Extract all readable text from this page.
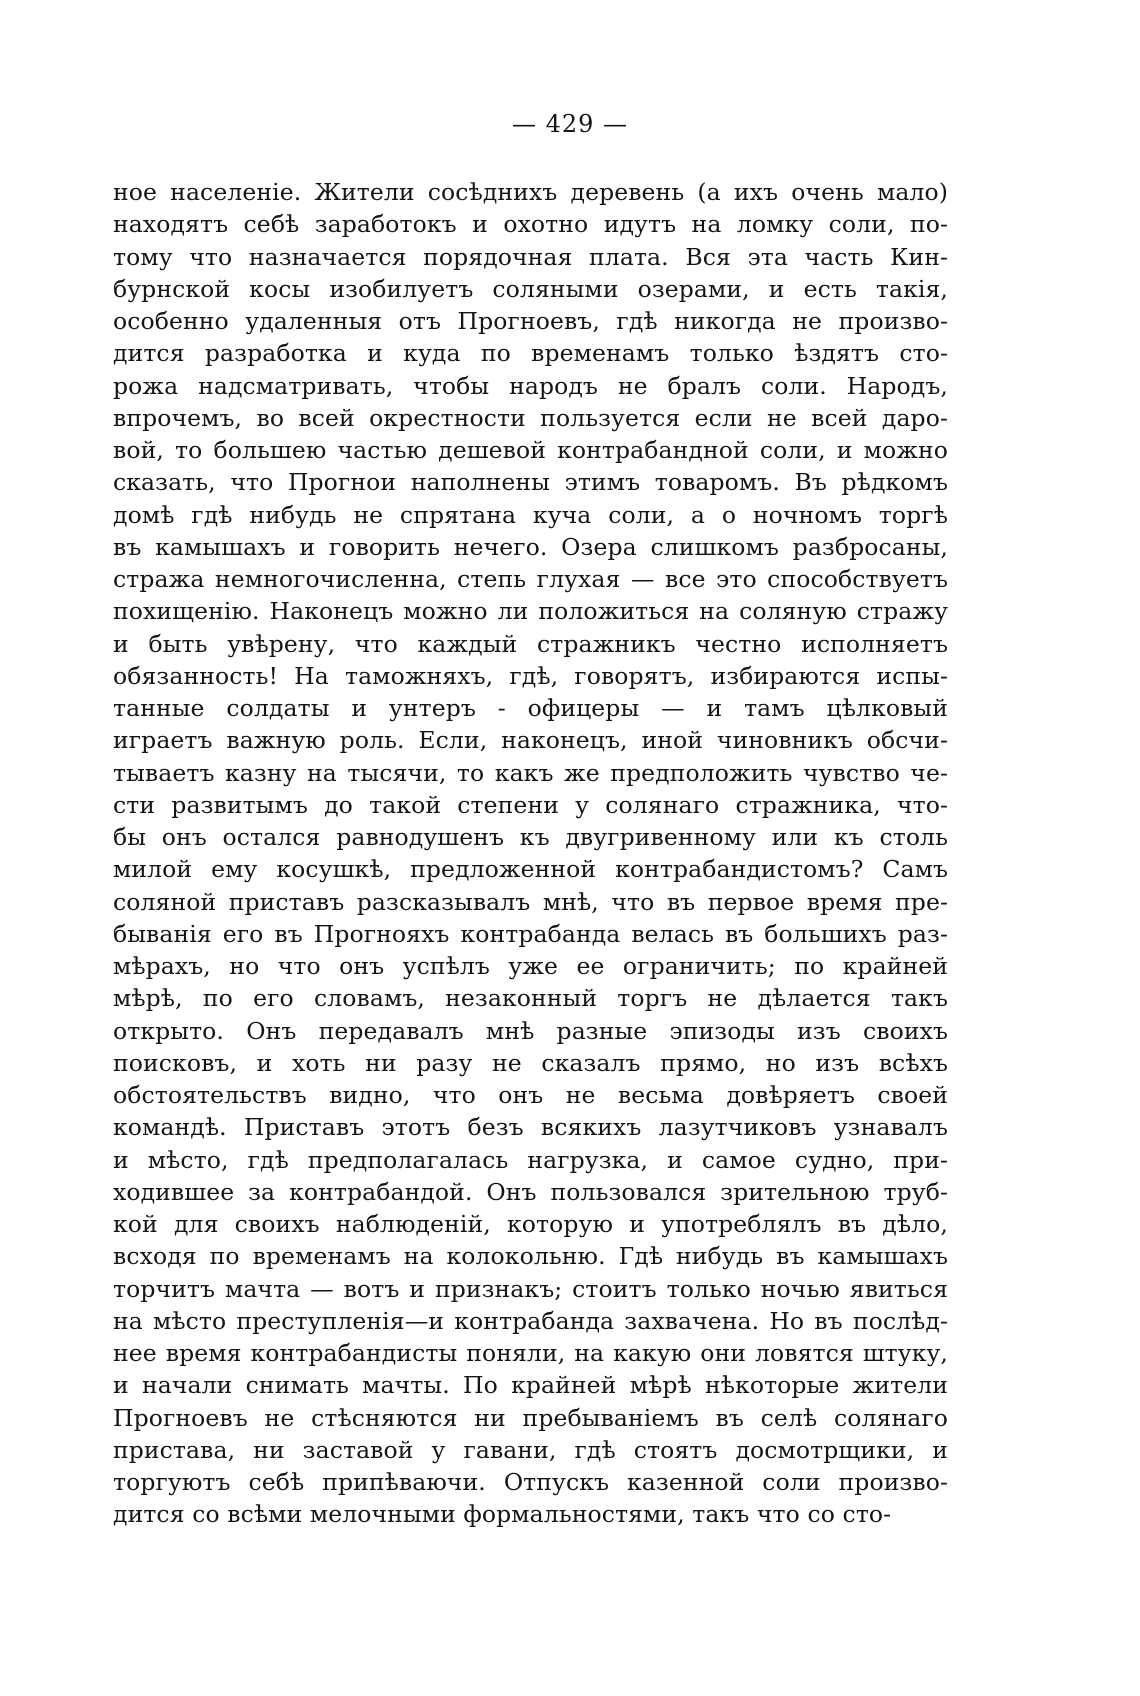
— 429 —
ное населеніе. Жители сосѣднихъ деревень (а ихъ очень мало)
находятъ себѣ заработокъ и охотно идутъ на ломку соли, по-
тому что назначается порядочная плата. Вся эта часть Кин-
бурнской косы изобилуетъ соляными озерами, и есть такія,
особенно удаленныя отъ Прогноевъ, гдѣ никогда не произво-
дится разработка и куда по временамъ только ѣздятъ сто-
рожа надсматривать, чтобы народъ не бралъ соли. Народъ,
впрочемъ, во всей окрестности пользуется если не всей даро-
вой, то большею частью дешевой контрабандной соли, и можно
сказать, что Прогнои наполнены этимъ товаромъ. Въ рѣдкомъ
домѣ гдѣ нибудь не спрятана куча соли, а о ночномъ торгѣ
въ камышахъ и говорить нечего. Озера слишкомъ разбросаны,
стража немногочисленна, степь глухая — все это способствуетъ
похищенію. Наконецъ можно ли положиться на соляную стражу
и быть увѣрену, что каждый стражникъ честно исполняетъ
обязанность! На таможняхъ, гдѣ, говорятъ, избираются испы-
танные солдаты и унтеръ - офицеры — и тамъ цѣлковый
играетъ важную роль. Если, наконецъ, иной чиновникъ обсчи-
тываетъ казну на тысячи, то какъ же предположить чувство че-
сти развитымъ до такой степени у солянаго стражника, что-
бы онъ остался равнодушенъ къ двугривенному или къ столь
милой ему косушкѣ, предложенной контрабандистомъ? Самъ
соляной приставъ разсказывалъ мнѣ, что въ первое время пре-
быванія его въ Прогнояхъ контрабанда велась въ большихъ раз-
мѣрахъ, но что онъ успѣлъ уже ее ограничить; по крайней
мѣрѣ, по его словамъ, незаконный торгъ не дѣлается такъ
открыто. Онъ передавалъ мнѣ разные эпизоды изъ своихъ
поисковъ, и хоть ни разу не сказалъ прямо, но изъ всѣхъ
обстоятельствъ видно, что онъ не весьма довѣряетъ своей
командѣ. Приставъ этотъ безъ всякихъ лазутчиковъ узнавалъ
и мѣсто, гдѣ предполагалась нагрузка, и самое судно, при-
ходившее за контрабандой. Онъ пользовался зрительною труб-
кой для своихъ наблюденій, которую и употреблялъ въ дѣло,
всходя по временамъ на колокольню. Гдѣ нибудь въ камышахъ
торчитъ мачта — вотъ и признакъ; стоитъ только ночью явиться
на мѣсто преступленія—и контрабанда захвачена. Но въ послѣд-
нее время контрабандисты поняли, на какую они ловятся штуку,
и начали снимать мачты. По крайней мѣрѣ нѣкоторые жители
Прогноевъ не стѣсняются ни пребываніемъ въ селѣ солянаго
пристава, ни заставой у гавани, гдѣ стоятъ досмотрщики, и
торгуютъ себѣ припѣваючи. Отпускъ казенной соли произво-
дится со всѣми мелочными формальностями, такъ что со сто-
